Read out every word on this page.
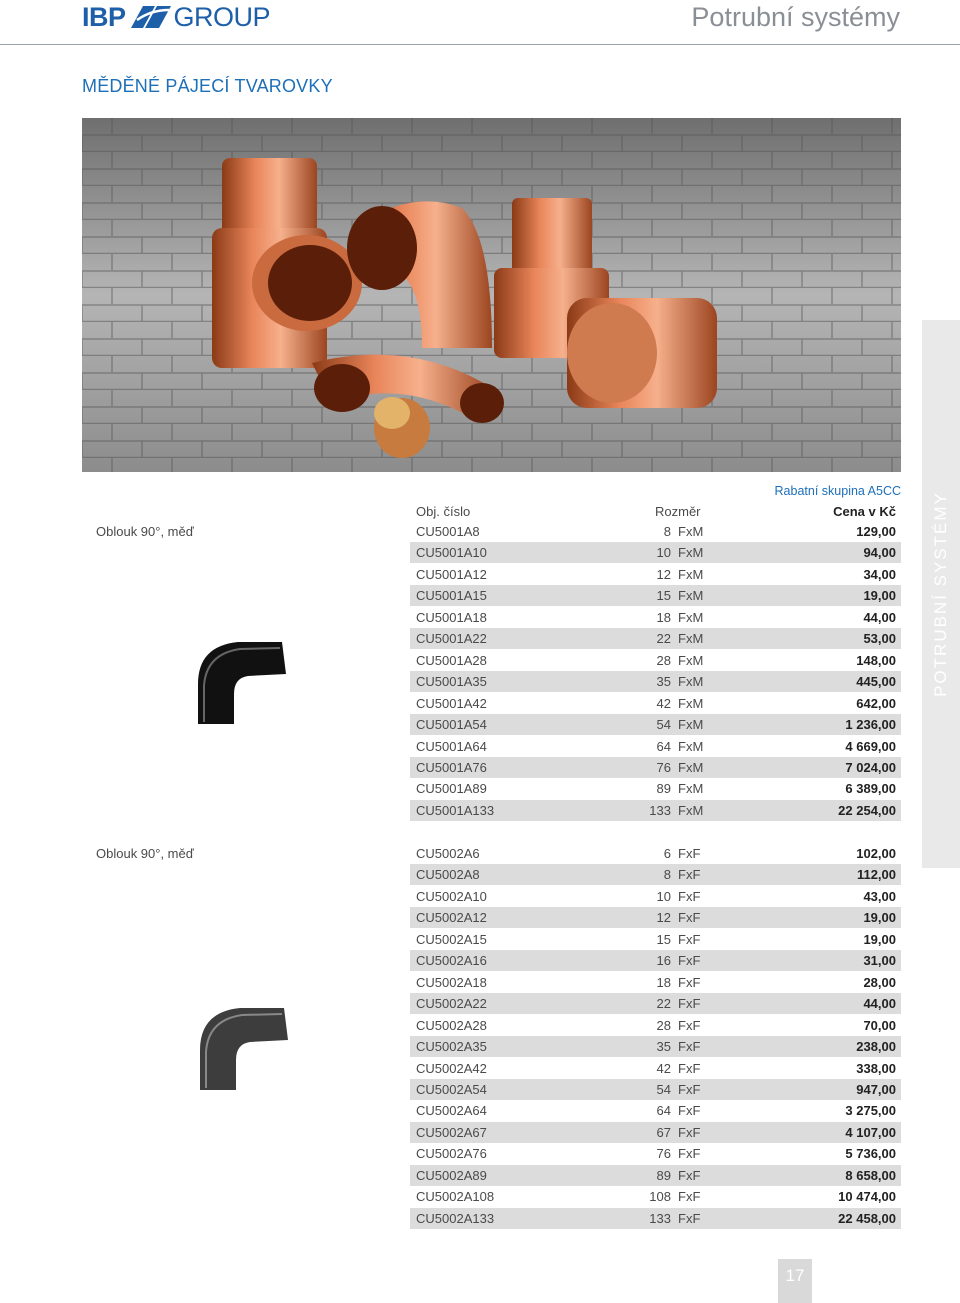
IBP GROUP	Potrubní systémy
MĚDĚNÉ PÁJECÍ TVAROVKY
POTRUBNÍ SYSTÉMY
Rabatní skupina A5CC
Obj. číslo	Rozměr	Cena v Kč
Oblouk 90°, měď
Oblouk 90°, měď
CU5001A8	8 FxM	129,00
CU5001A10	10 FxM	94,00
CU5001A12	12 FxM	34,00
CU5001A15	15 FxM	19,00
CU5001A18	18 FxM	44,00
CU5001A22	22 FxM	53,00
CU5001A28	28 FxM	148,00
CU5001A35	35 FxM	445,00
CU5001A42	42 FxM	642,00
CU5001A54	54 FxM	1 236,00
CU5001A64	64 FxM	4 669,00
CU5001A76	76 FxM	7 024,00
CU5001A89	89 FxM	6 389,00
CU5001A133	133 FxM	22 254,00
CU5002A6	6 FxF	102,00
CU5002A8	8 FxF	112,00
CU5002A10	10 FxF	43,00
CU5002A12	12 FxF	19,00
CU5002A15	15 FxF	19,00
CU5002A16	16 FxF	31,00
CU5002A18	18 FxF	28,00
CU5002A22	22 FxF	44,00
CU5002A28	28 FxF	70,00
CU5002A35	35 FxF	238,00
CU5002A42	42 FxF	338,00
CU5002A54	54 FxF	947,00
CU5002A64	64 FxF	3 275,00
CU5002A67	67 FxF	4 107,00
CU5002A76	76 FxF	5 736,00
CU5002A89	89 FxF	8 658,00
CU5002A108	108 FxF	10 474,00
CU5002A133	133 FxF	22 458,00
17
